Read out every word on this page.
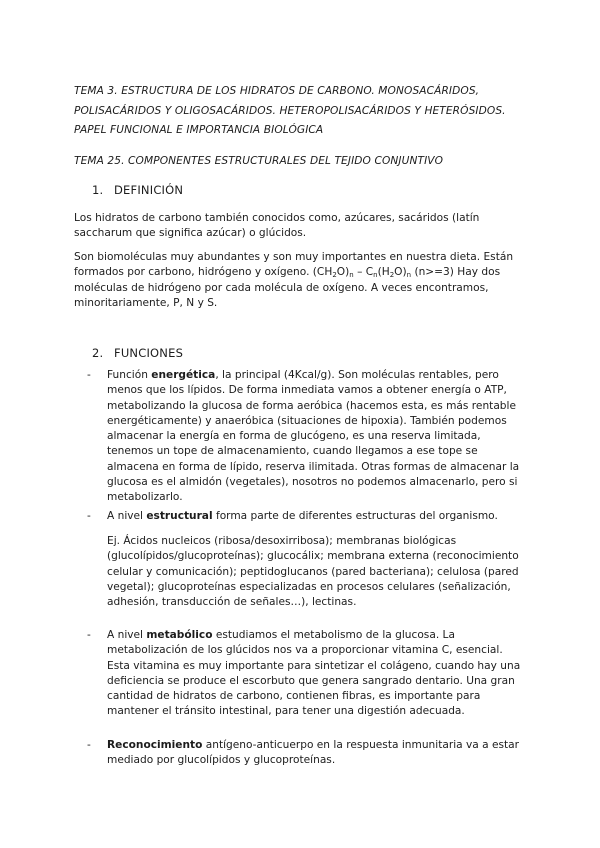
TEMA 3. ESTRUCTURA DE LOS HIDRATOS DE CARBONO. MONOSACÁRIDOS, POLISACÁRIDOS Y OLIGOSACÁRIDOS. HETEROPOLISACÁRIDOS Y HETERÓSIDOS. PAPEL FUNCIONAL E IMPORTANCIA BIOLÓGICA
TEMA 25. COMPONENTES ESTRUCTURALES DEL TEJIDO CONJUNTIVO
1. DEFINICIÓN
Los hidratos de carbono también conocidos como, azúcares, sacáridos (latín saccharum que significa azúcar) o glúcidos.
Son biomoléculas muy abundantes y son muy importantes en nuestra dieta. Están formados por carbono, hidrógeno y oxígeno. $(CH_2O)_n - C_n(H_2O)_n$ (n>=3) Hay dos moléculas de hidrógeno por cada molécula de oxígeno. A veces encontramos, minoritariamente, P, N y S.
2. FUNCIONES
- Función energética, la principal (4Kcal/g). Son moléculas rentables, pero menos que los lípidos. De forma inmediata vamos a obtener energía o ATP, metabolizando la glucosa de forma aeróbica (hacemos esta, es más rentable energéticamente) y anaeróbica (situaciones de hipoxia). También podemos almacenar la energía en forma de glucógeno, es una reserva limitada, tenemos un tope de almacenamiento, cuando llegamos a ese tope se almacena en forma de lípido, reserva ilimitada. Otras formas de almacenar la glucosa es el almidón (vegetales), nosotros no podemos almacenarlo, pero si metabolizarlo.
- A nivel estructural forma parte de diferentes estructuras del organismo.
Ej. Ácidos nucleicos (ribosa/desoxirribosa); membranas biológicas (glucolípidos/glucoproteínas); glucocálix; membrana externa (reconocimiento celular y comunicación); peptidoglucanos (pared bacteriana); celulosa (pared vegetal); glucoproteínas especializadas en procesos celulares (señalización, adhesión, transducción de señales…), lectinas.
- A nivel metabólico estudiamos el metabolismo de la glucosa. La metabolización de los glúcidos nos va a proporcionar vitamina C, esencial. Esta vitamina es muy importante para sintetizar el colágeno, cuando hay una deficiencia se produce el escorbuto que genera sangrado dentario. Una gran cantidad de hidratos de carbono, contienen fibras, es importante para mantener el tránsito intestinal, para tener una digestión adecuada.
- Reconocimiento antígeno-anticuerpo en la respuesta inmunitaria va a estar mediado por glucolípidos y glucoproteínas.
